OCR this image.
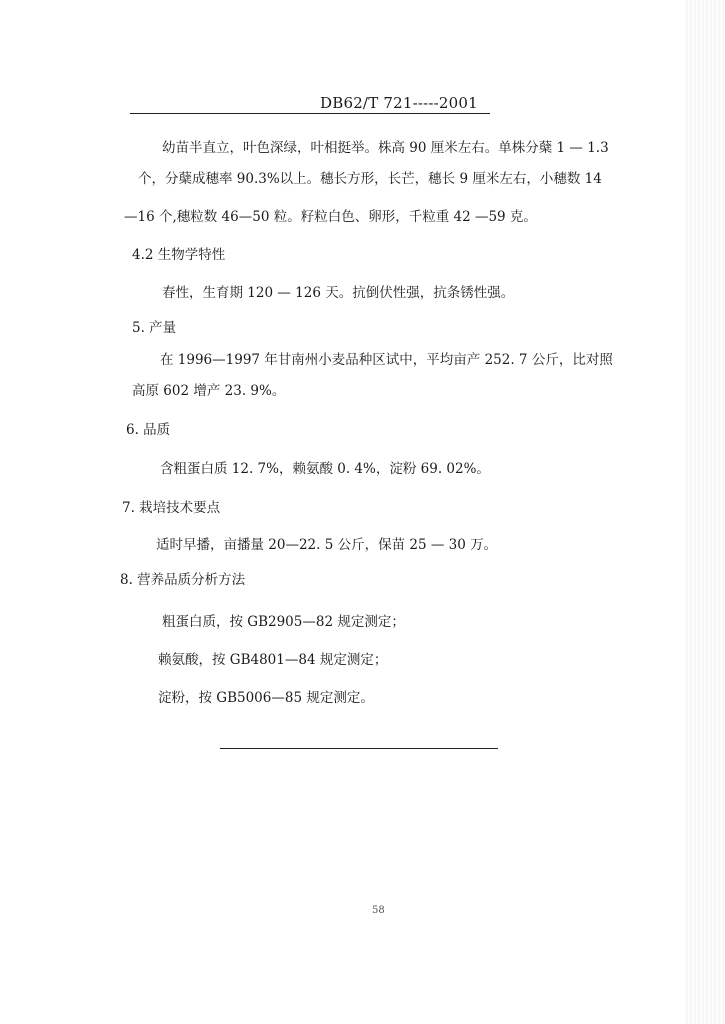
DB62/T 721-----2001
幼苗半直立，叶色深绿，叶相挺举。株高 90 厘米左右。单株分蘖 1 — 1.3
个，分蘖成穗率 90.3%以上。穗长方形，长芒，穗长 9 厘米左右，小穗数 14
—16 个,穗粒数 46—50 粒。籽粒白色、卵形，千粒重 42 —59 克。
4.2 生物学特性
春性，生育期 120 — 126 天。抗倒伏性强，抗条锈性强。
5. 产量
在 1996—1997 年甘南州小麦品种区试中，平均亩产 252. 7 公斤，比对照
高原 602 增产 23. 9%。
6. 品质
含粗蛋白质 12. 7%，赖氨酸 0. 4%，淀粉 69. 02%。
7. 栽培技术要点
适时早播，亩播量 20—22. 5 公斤，保苗 25 — 30 万。
8. 营养品质分析方法
粗蛋白质，按 GB2905—82 规定测定；
赖氨酸，按 GB4801—84 规定测定；
淀粉，按 GB5006—85 规定测定。
58
